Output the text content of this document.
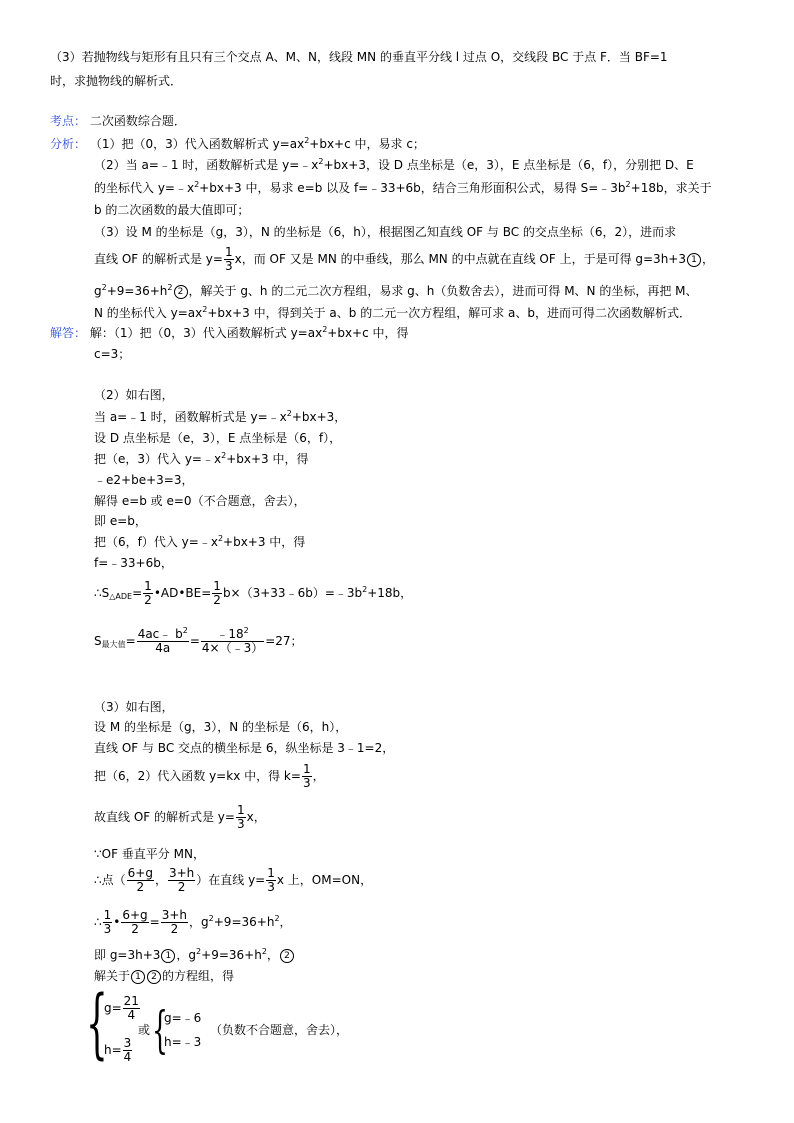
（3）若抛物线与矩形有且只有三个交点 A、M、N，线段 MN 的垂直平分线 l 过点 O，交线段 BC 于点 F．当 BF=1
时，求抛物线的解析式．
考点： 二次函数综合题．
分析： （1）把（0，3）代入函数解析式 $y=ax^2+bx+c$ 中，易求 c；
（2）当 a=﹣1 时，函数解析式是 $y=﹣x^2+bx+3$，设 D 点坐标是（e，3），E 点坐标是（6，f），分别把 D、E
的坐标代入 $y=﹣x^2+bx+3$ 中，易求 e=b 以及 f=﹣33+6b，结合三角形面积公式，易得 $S=﹣3b^2+18b$，求关于
b 的二次函数的最大值即可；
（3）设 M 的坐标是（g，3），N 的坐标是（6，h），根据图乙知直线 OF 与 BC 的交点坐标（6，2），进而求
直线 OF 的解析式是 $y= \frac{1}{3}$ x，而 OF 又是 MN 的中垂线，那么 MN 的中点就在直线 OF 上，于是可得 g=3h+3 1 ，
$g^2+9=36+h^2$ 2 ，解关于 g、h 的二元二次方程组，易求 g、h（负数舍去），进而可得 M、N 的坐标，再把 M、
N 的坐标代入 $y=ax^2+bx+3$ 中，得到关于 a、b 的二元一次方程组，解可求 a、b，进而可得二次函数解析式．
解答： 解：（1）把（0，3）代入函数解析式 $y=ax^2+bx+c$ 中，得
c=3；
（2）如右图，
当 a=﹣1 时，函数解析式是 $y=﹣x^2+bx+3$，
设 D 点坐标是（e，3），E 点坐标是（6，f），
把（e，3）代入 $y=﹣x^2+bx+3$ 中，得
﹣e2+be+3=3，
解得 e=b 或 e=0（不合题意，舍去），
即 e=b，
把（6，f）代入 $y=﹣x^2+bx+3$ 中，得
f=﹣33+6b，
$\therefore S_{\triangle ADE}= \frac{1}{2}$ •AD•BE= $\frac{1}{2}$ $b\times(3+33﹣6b)=﹣3b^2+18b$，
$S_{最大值}= \frac{4ac﹣ b^2}{4a} = \frac{﹣18^2}{4\times(﹣3)} =27$；
（3）如右图，
设 M 的坐标是（g，3），N 的坐标是（6，h），
直线 OF 与 BC 交点的横坐标是 6，纵坐标是 3﹣1=2，
把（6，2）代入函数 y=kx 中，得 $k= \frac{1}{3}$ ，
故直线 OF 的解析式是 $y= \frac{1}{3}$ x，
∵OF 垂直平分 MN，
∴点（ $\frac{6+g}{2}$ ， $\frac{3+h}{2}$ ）在直线 $y= \frac{1}{3}$ x 上，OM=ON，
∴ $\frac{1}{3}$ • $\frac{6+g}{2} = \frac{3+h}{2}$ ，$g^2+9=36+h^2$，
即 g=3h+3 1 ，$g^2+9=36+h^2$， 2
解关于 1 2 的方程组，得
{
$g= \frac{21}{4}$
$h= \frac{3}{4}$
或 {
g=﹣6
h=﹣3
（负数不合题意，舍去），
